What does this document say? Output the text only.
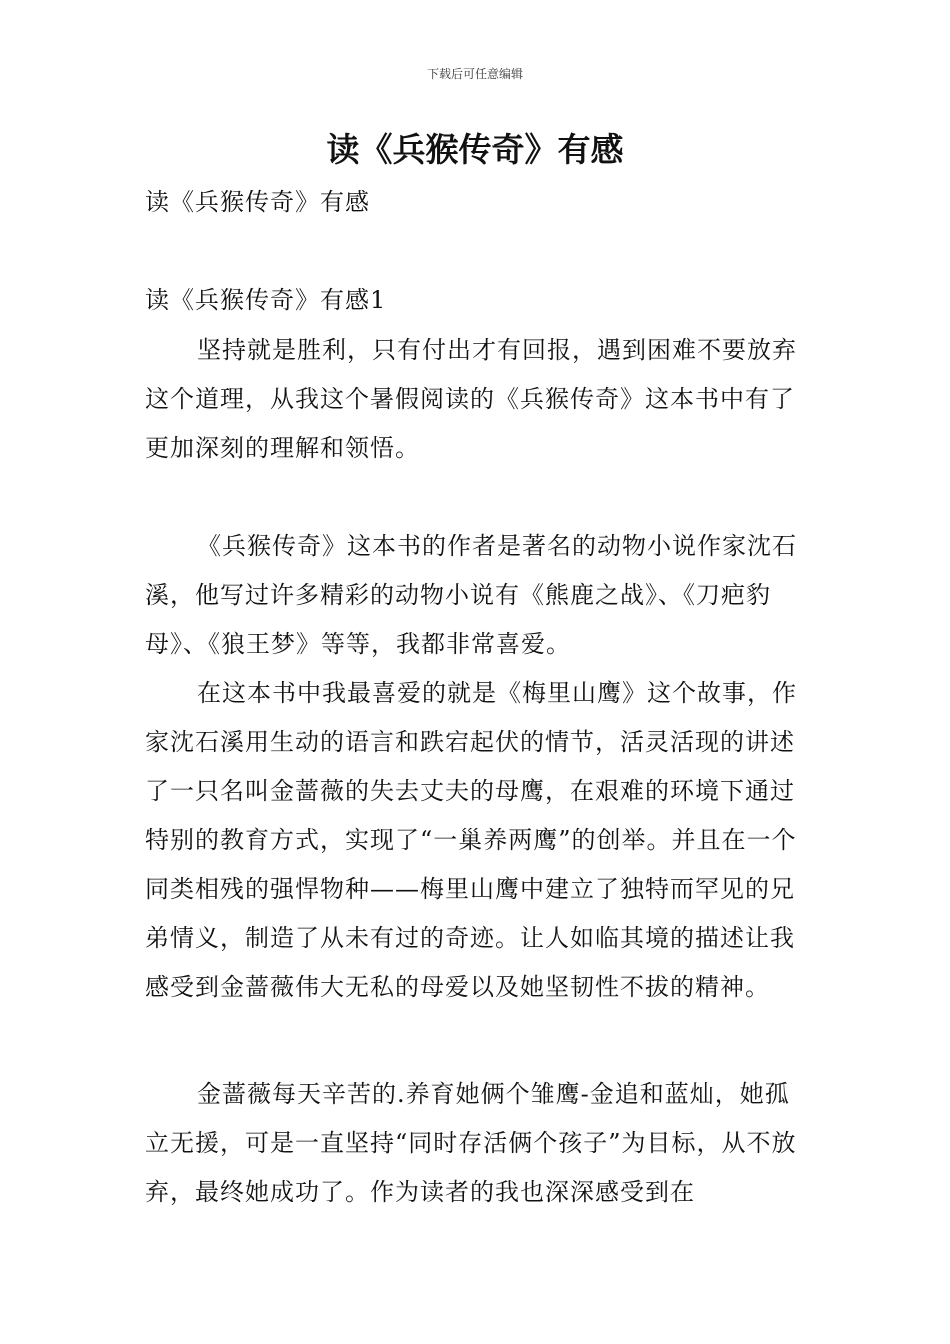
下载后可任意编辑
读《兵猴传奇》有感
读《兵猴传奇》有感
读《兵猴传奇》有感1

坚持就是胜利，只有付出才有回报，遇到困难不要放弃这个道理，从我这个暑假阅读的《兵猴传奇》这本书中有了更加深刻的理解和领悟。

《兵猴传奇》这本书的作者是著名的动物小说作家沈石溪，他写过许多精彩的动物小说有《熊鹿之战》、《刀疤豹母》、《狼王梦》等等，我都非常喜爱。

在这本书中我最喜爱的就是《梅里山鹰》这个故事，作家沈石溪用生动的语言和跌宕起伏的情节，活灵活现的讲述了一只名叫金蔷薇的失去丈夫的母鹰，在艰难的环境下通过特别的教育方式，实现了“一巢养两鹰”的创举。并且在一个同类相残的强悍物种——梅里山鹰中建立了独特而罕见的兄弟情义，制造了从未有过的奇迹。让人如临其境的描述让我感受到金蔷薇伟大无私的母爱以及她坚韧性不拔的精神。

金蔷薇每天辛苦的.养育她俩个雏鹰-金追和蓝灿，她孤立无援，可是一直坚持“同时存活俩个孩子”为目标，从不放弃，最终她成功了。作为读者的我也深深感受到在
